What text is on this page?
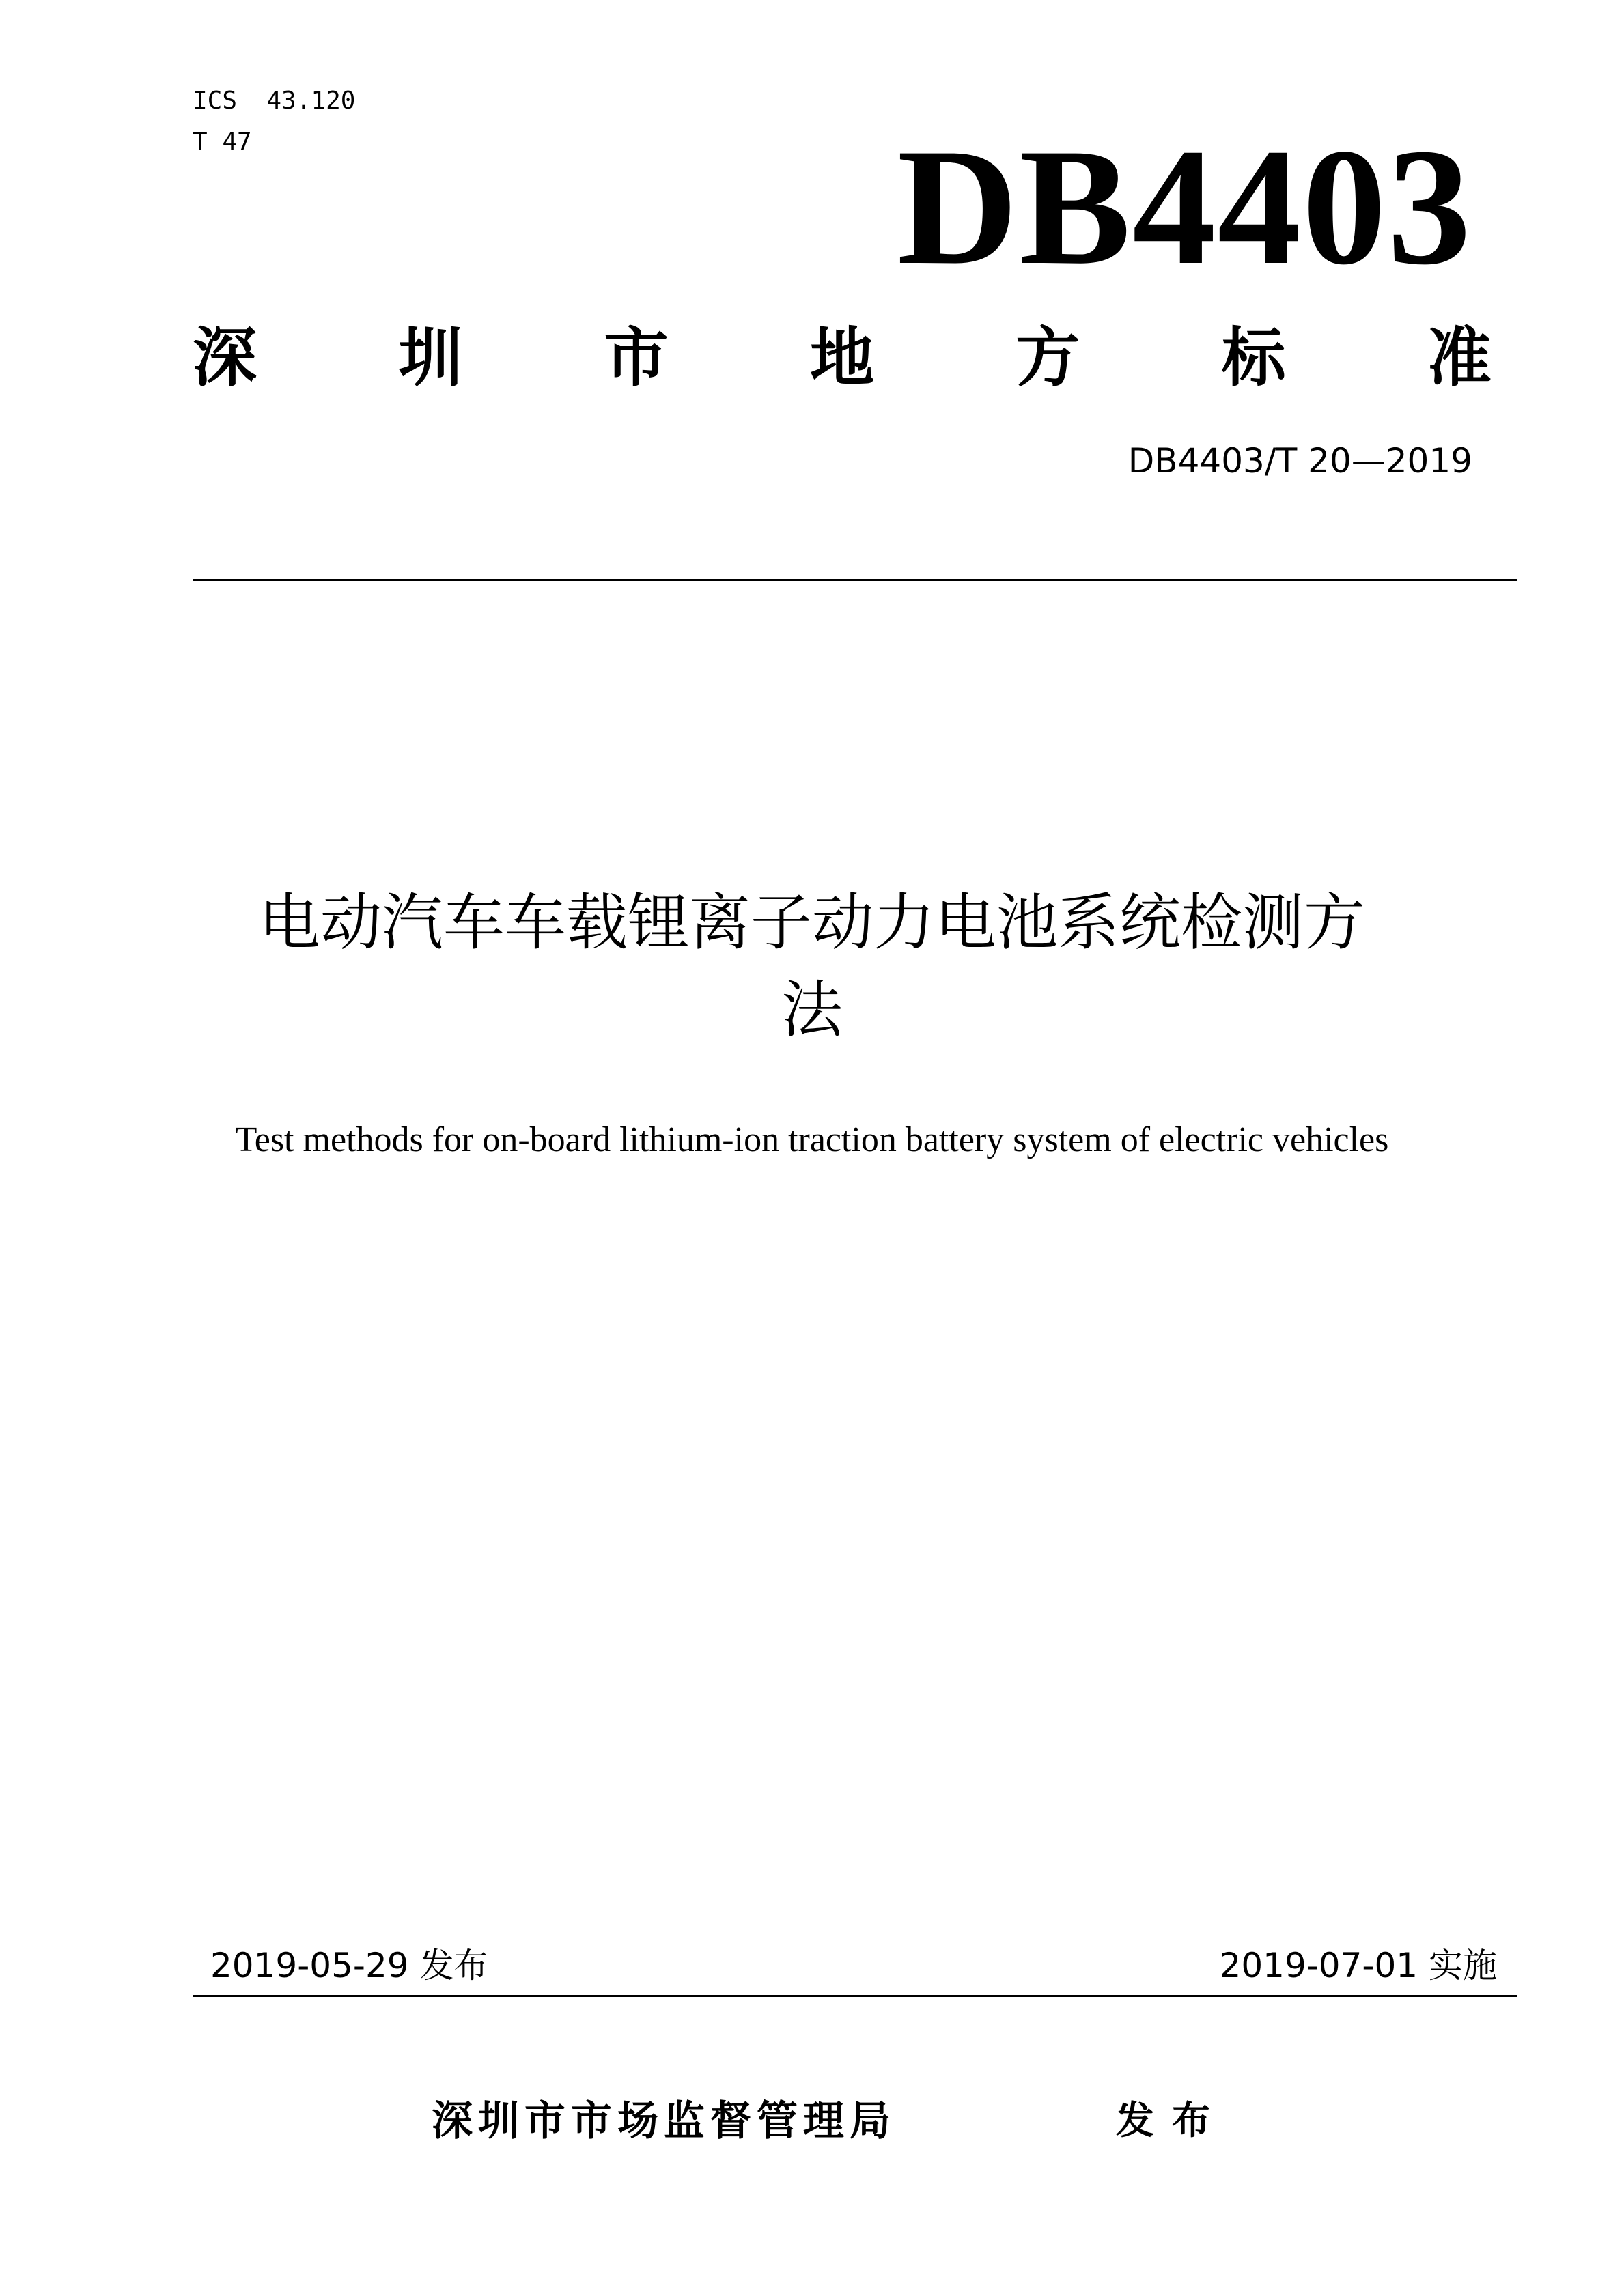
ICS  43.120
T 47	DB4403
深 圳 市 地 方 标 准
DB4403/T 20—2019
电动汽车车载锂离子动力电池系统检测方
法
Test methods for on-board lithium-ion traction battery system of electric vehicles
2019-05-29 发布	2019-07-01 实施
深圳市市场监督管理局	发布
